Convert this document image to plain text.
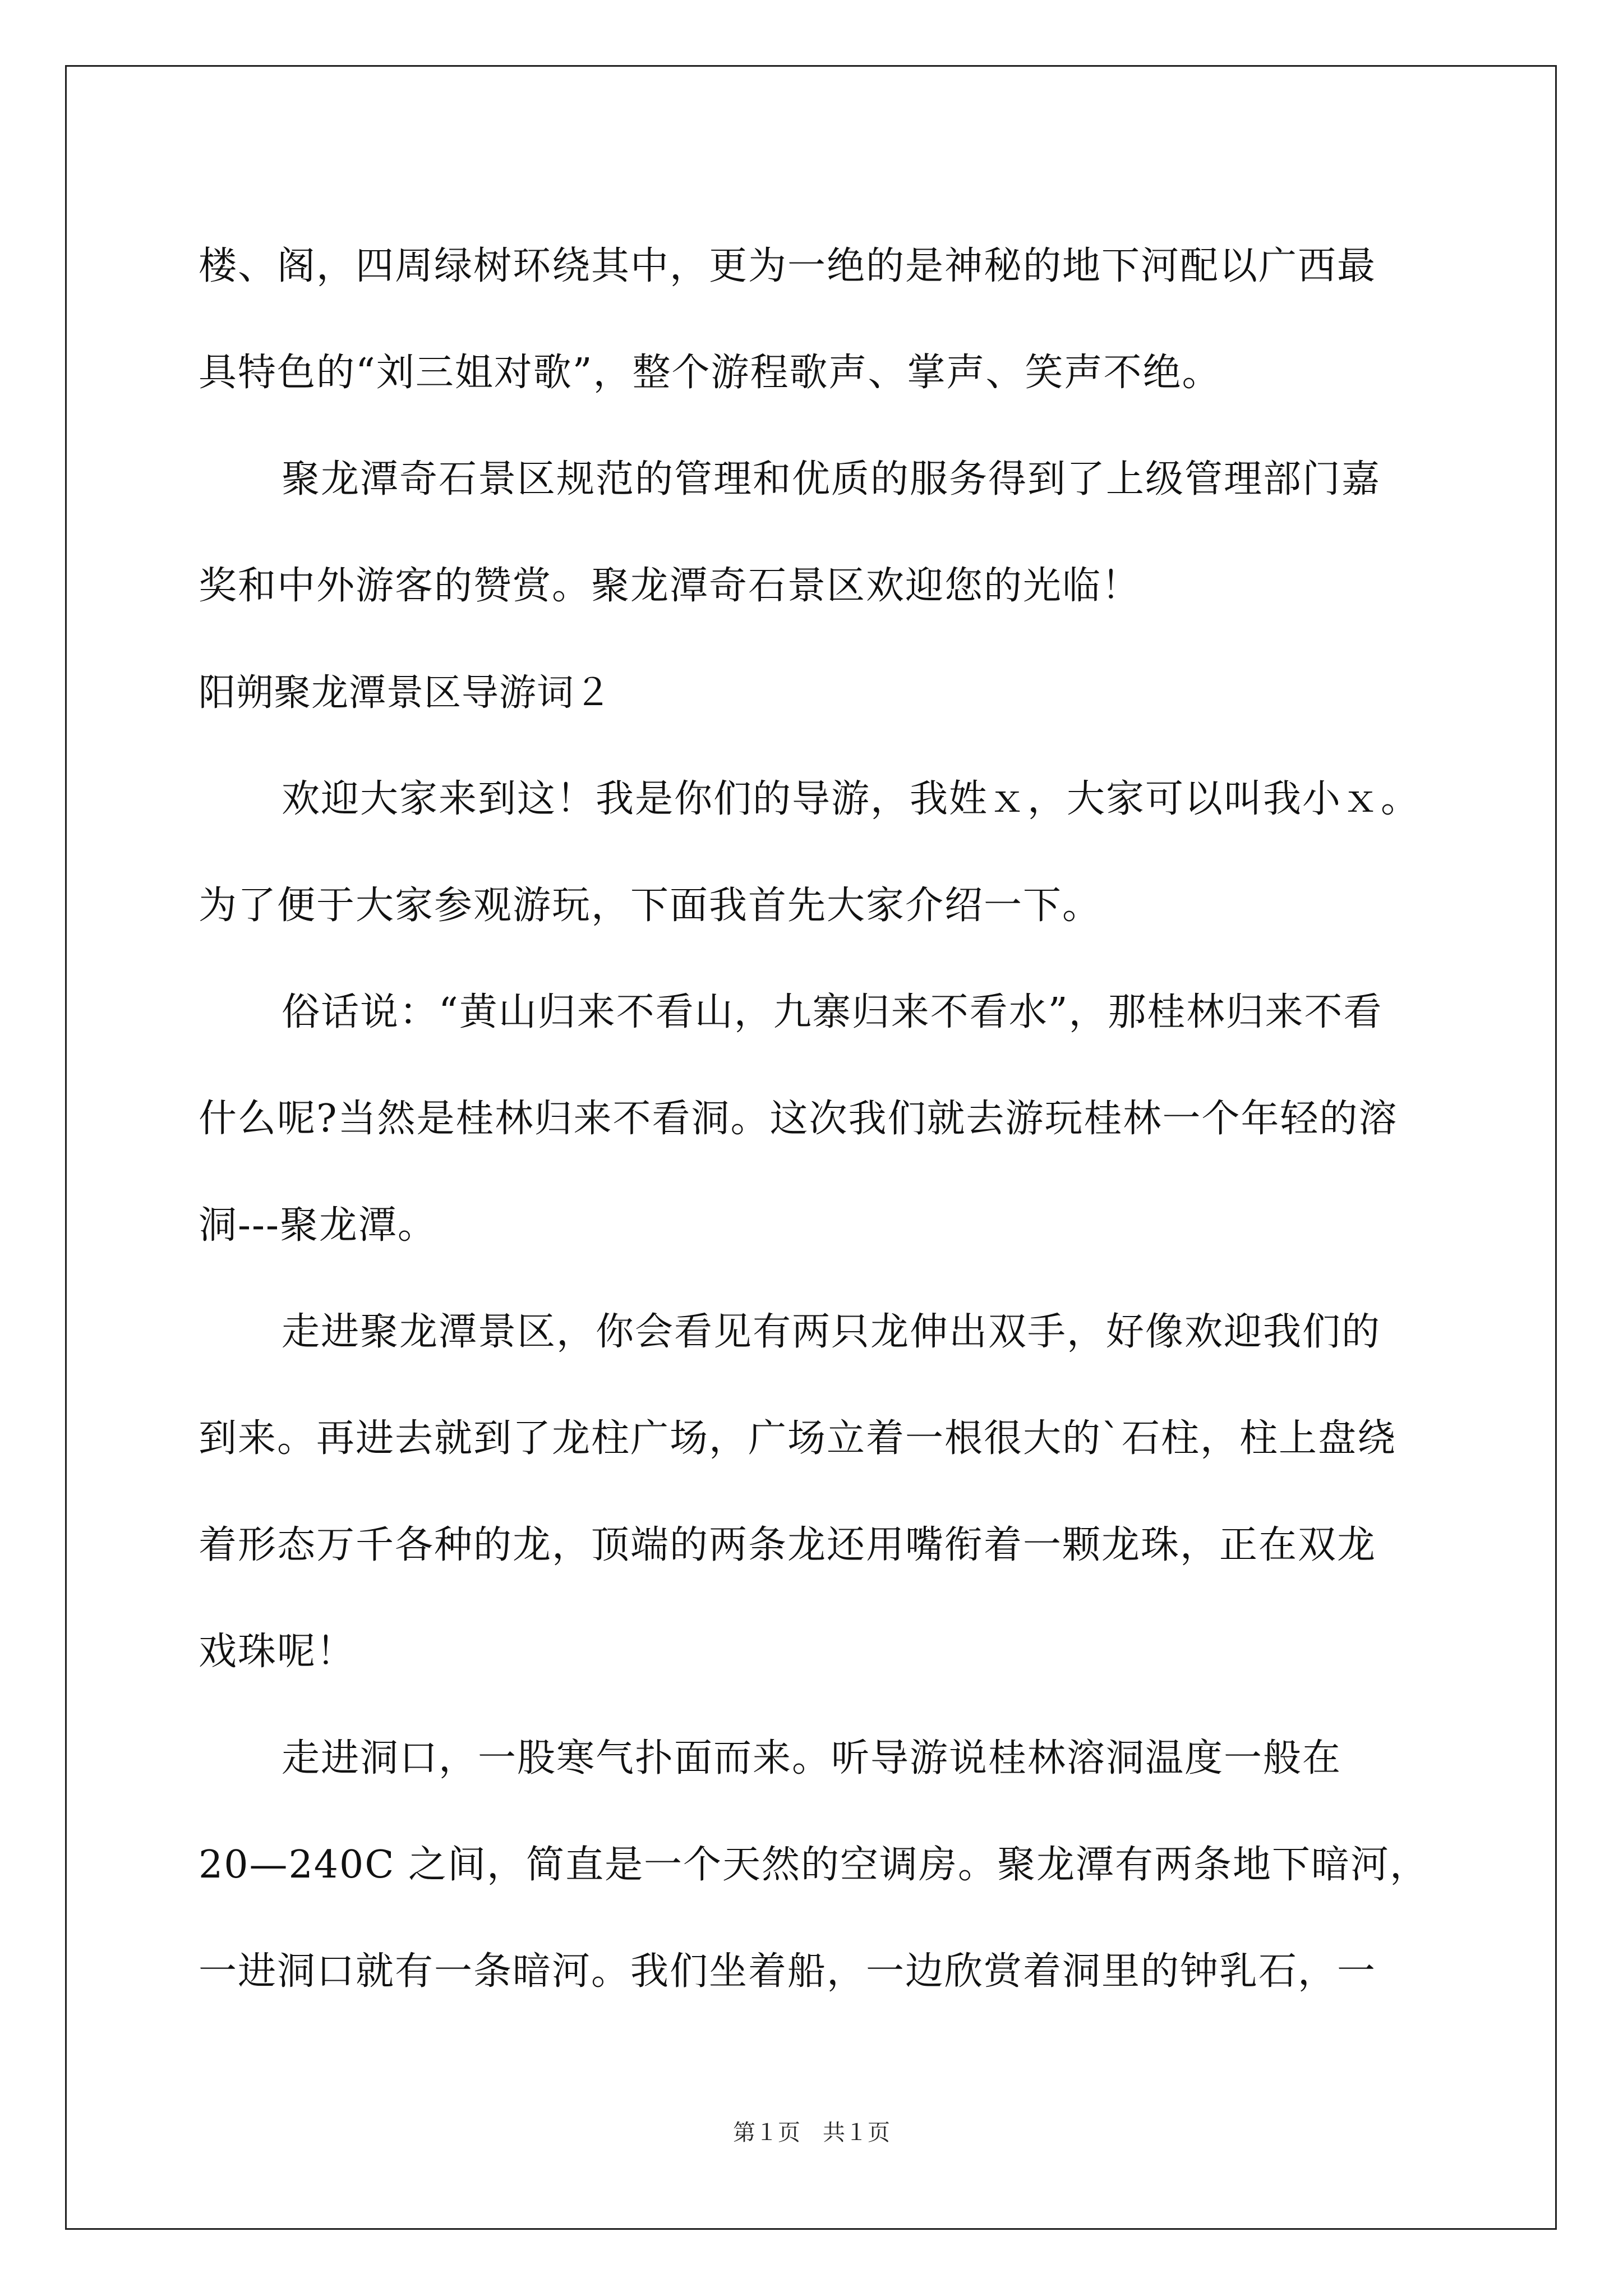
楼、阁，四周绿树环绕其中，更为一绝的是神秘的地下河配以广西最
具特色的“刘三姐对歌”，整个游程歌声、掌声、笑声不绝。
聚龙潭奇石景区规范的管理和优质的服务得到了上级管理部门嘉
奖和中外游客的赞赏。聚龙潭奇石景区欢迎您的光临！
阳朔聚龙潭景区导游词２
欢迎大家来到这！我是你们的导游，我姓ｘ，大家可以叫我小ｘ。
为了便于大家参观游玩，下面我首先大家介绍一下。
俗话说：“黄山归来不看山，九寨归来不看水”，那桂林归来不看
什么呢?当然是桂林归来不看洞。这次我们就去游玩桂林一个年轻的溶
洞---聚龙潭。
走进聚龙潭景区，你会看见有两只龙伸出双手，好像欢迎我们的
到来。再进去就到了龙柱广场，广场立着一根很大的`石柱，柱上盘绕
着形态万千各种的龙，顶端的两条龙还用嘴衔着一颗龙珠，正在双龙
戏珠呢！
走进洞口，一股寒气扑面而来。听导游说桂林溶洞温度一般在
20—240C 之间，简直是一个天然的空调房。聚龙潭有两条地下暗河，
一进洞口就有一条暗河。我们坐着船，一边欣赏着洞里的钟乳石，一
第１页　共１页
